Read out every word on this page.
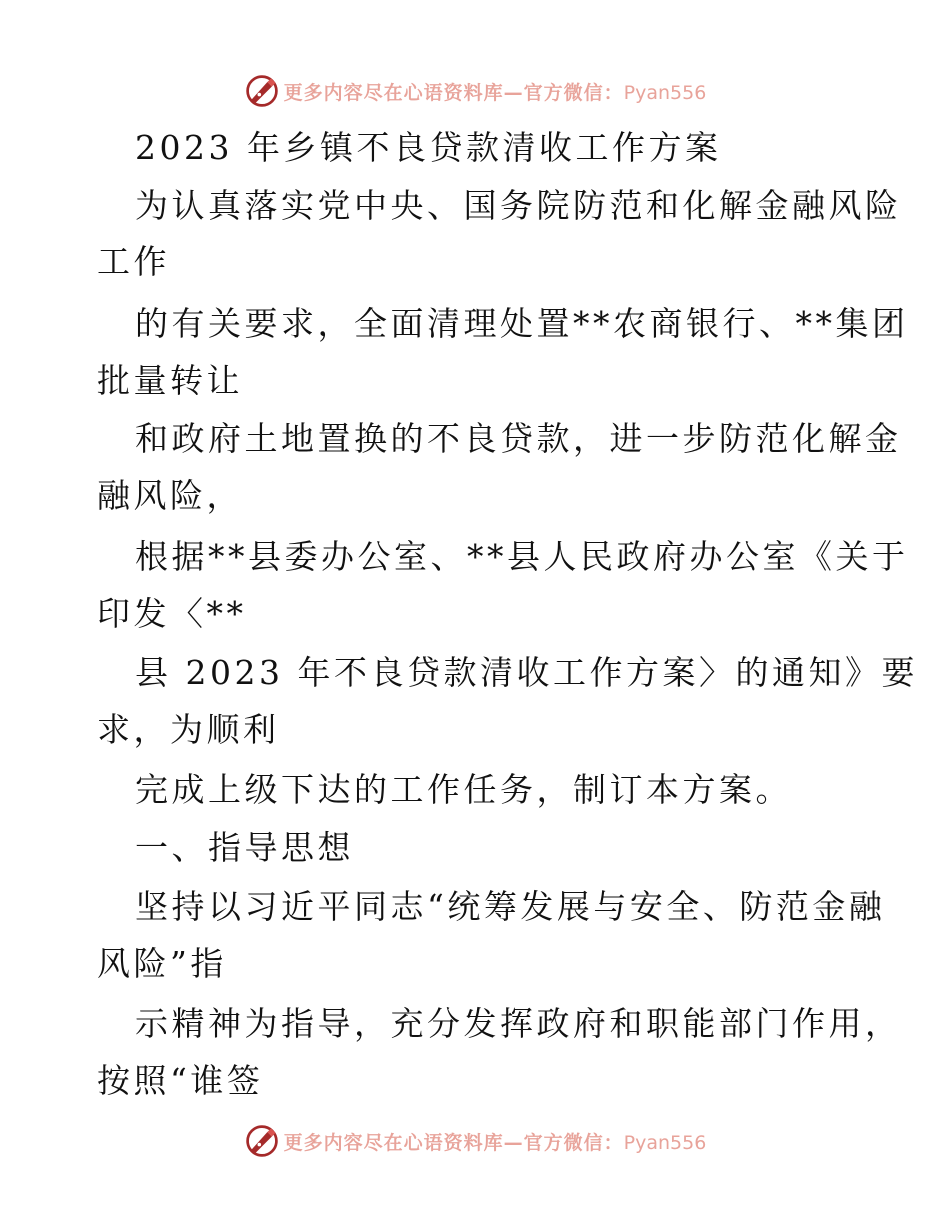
更多内容尽在心语资料库—官方微信：Pyan556
2023 年乡镇不良贷款清收工作方案
为认真落实党中央、国务院防范和化解金融风险
工作
的有关要求，全面清理处置**农商银行、**集团
批量转让
和政府土地置换的不良贷款，进一步防范化解金
融风险，
根据**县委办公室、**县人民政府办公室《关于
印发〈**
县 2023 年不良贷款清收工作方案〉的通知》要
求，为顺利
完成上级下达的工作任务，制订本方案。
一、指导思想
坚持以习近平同志“统筹发展与安全、防范金融
风险”指
示精神为指导，充分发挥政府和职能部门作用，
按照“谁签
更多内容尽在心语资料库—官方微信：Pyan556
